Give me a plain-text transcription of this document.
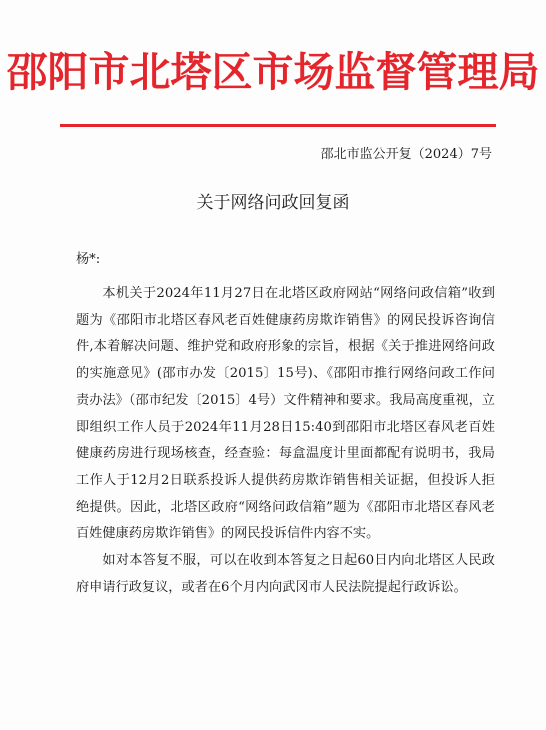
邵阳市北塔区市场监督管理局
邵北市监公开复（2024）7号
关于网络问政回复函
杨*:

本机关于2024年11月27日在北塔区政府网站“网络问政信箱”收到题为《邵阳市北塔区春风老百姓健康药房欺诈销售》的网民投诉咨询信件,本着解决问题、维护党和政府形象的宗旨，根据《关于推进网络问政的实施意见》(邵市办发〔2015〕15号)、《邵阳市推行网络问政工作问责办法》（邵市纪发〔2015〕4号）文件精神和要求。我局高度重视，立即组织工作人员于2024年11月28日15:40到邵阳市北塔区春风老百姓健康药房进行现场核查，经查验：每盒温度计里面都配有说明书，我局工作人于12月2日联系投诉人提供药房欺诈销售相关证据，但投诉人拒绝提供。因此，北塔区政府“网络问政信箱”题为《邵阳市北塔区春风老百姓健康药房欺诈销售》的网民投诉信件内容不实。

如对本答复不服，可以在收到本答复之日起60日内向北塔区人民政府申请行政复议，或者在6个月内向武冈市人民法院提起行政诉讼。
